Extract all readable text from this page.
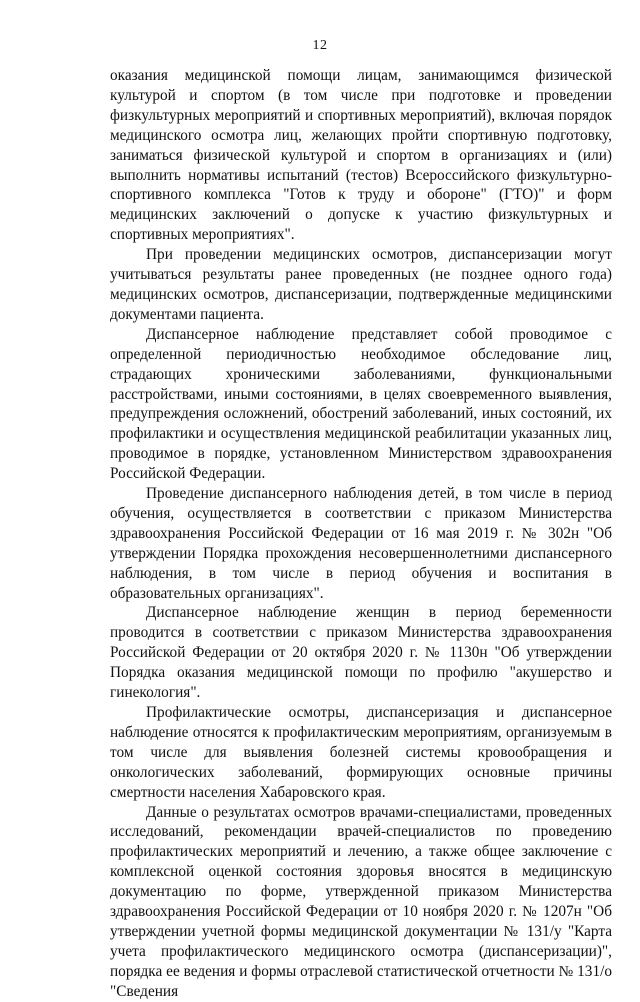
12

оказания медицинской помощи лицам, занимающимся физической культурой и спортом (в том числе при подготовке и проведении физкультурных мероприятий и спортивных мероприятий), включая порядок медицинского осмотра лиц, желающих пройти спортивную подготовку, заниматься физической культурой и спортом в организациях и (или) выполнить нормативы испытаний (тестов) Всероссийского физкультурно-спортивного комплекса "Готов к труду и обороне" (ГТО)" и форм медицинских заключений о допуске к участию физкультурных и спортивных мероприятиях".

При проведении медицинских осмотров, диспансеризации могут учитываться результаты ранее проведенных (не позднее одного года) медицинских осмотров, диспансеризации, подтвержденные медицинскими документами пациента.

Диспансерное наблюдение представляет собой проводимое с определенной периодичностью необходимое обследование лиц, страдающих хроническими заболеваниями, функциональными расстройствами, иными состояниями, в целях своевременного выявления, предупреждения осложнений, обострений заболеваний, иных состояний, их профилактики и осуществления медицинской реабилитации указанных лиц, проводимое в порядке, установленном Министерством здравоохранения Российской Федерации.

Проведение диспансерного наблюдения детей, в том числе в период обучения, осуществляется в соответствии с приказом Министерства здравоохранения Российской Федерации от 16 мая 2019 г. № 302н "Об утверждении Порядка прохождения несовершеннолетними диспансерного наблюдения, в том числе в период обучения и воспитания в образовательных организациях".

Диспансерное наблюдение женщин в период беременности проводится в соответствии с приказом Министерства здравоохранения Российской Федерации от 20 октября 2020 г. № 1130н "Об утверждении Порядка оказания медицинской помощи по профилю "акушерство и гинекология".

Профилактические осмотры, диспансеризация и диспансерное наблюдение относятся к профилактическим мероприятиям, организуемым в том числе для выявления болезней системы кровообращения и онкологических заболеваний, формирующих основные причины смертности населения Хабаровского края.

Данные о результатах осмотров врачами-специалистами, проведенных исследований, рекомендации врачей-специалистов по проведению профилактических мероприятий и лечению, а также общее заключение с комплексной оценкой состояния здоровья вносятся в медицинскую документацию по форме, утвержденной приказом Министерства здравоохранения Российской Федерации от 10 ноября 2020 г. № 1207н "Об утверждении учетной формы медицинской документации № 131/у "Карта учета профилактического медицинского осмотра (диспансеризации)", порядка ее ведения и формы отраслевой статистической отчетности № 131/о "Сведения
